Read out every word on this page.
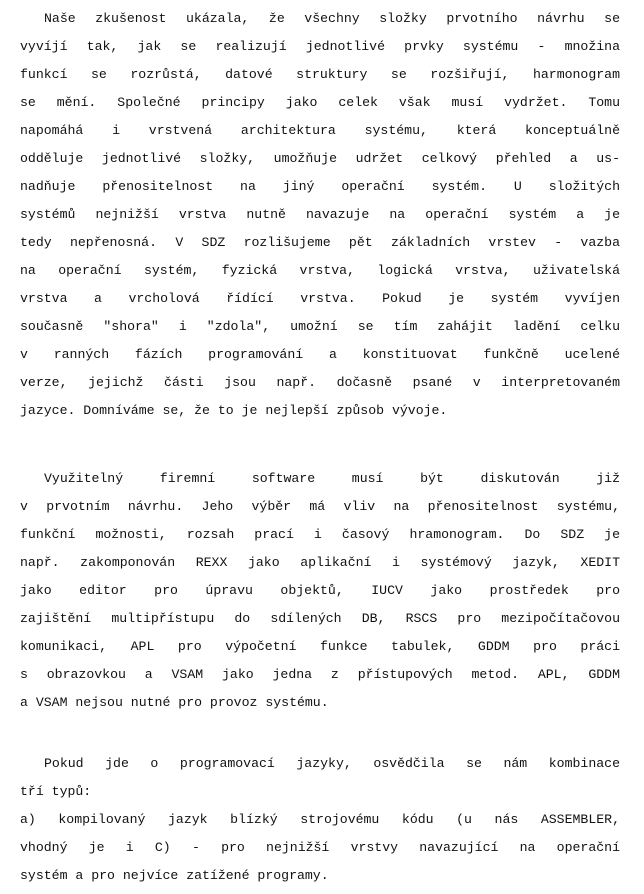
Naše zkušenost ukázala, že všechny složky prvotního návrhu se
vyvíjí tak, jak se realizují jednotlivé prvky systému - množina
funkcí se rozrůstá, datové struktury se rozšiřují, harmonogram
se mění. Společné principy jako celek však musí vydržet. Tomu
napomáhá i vrstvená architektura systému, která konceptuálně
odděluje jednotlivé složky, umožňuje udržet celkový přehled a us-
nadňuje přenositelnost na jiný operační systém. U složitých
systémů nejnižší vrstva nutně navazuje na operační systém a je
tedy nepřenosná. V SDZ rozlišujeme pět základních vrstev - vazba
na operační systém, fyzická vrstva, logická vrstva, uživatelská
vrstva a vrcholová řídící vrstva. Pokud je systém vyvíjen
současně "shora" i "zdola", umožní se tím zahájit ladění celku
v ranných fázích programování a konstituovat funkčně ucelené
verze, jejichž části jsou např. dočasně psané v interpretovaném
jazyce. Domníváme se, že to je nejlepší způsob vývoje.
Využitelný firemní software musí být diskutován již
v prvotním návrhu. Jeho výběr má vliv na přenositelnost systému,
funkční možnosti, rozsah prací i časový hramonogram. Do SDZ je
např. zakomponován REXX jako aplikační i systémový jazyk, XEDIT
jako editor pro úpravu objektů, IUCV jako prostředek pro
zajištění multipřístupu do sdílených DB, RSCS pro mezipočítačovou
komunikaci, APL pro výpočetní funkce tabulek, GDDM pro práci
s obrazovkou a VSAM jako jedna z přístupových metod. APL, GDDM
a VSAM nejsou nutné pro provoz systému.
Pokud jde o programovací jazyky, osvědčila se nám kombinace
tří typů:
a) kompilovaný jazyk blízký strojovému kódu (u nás ASSEMBLER,
vhodný je i C) - pro nejnižší vrstvy navazující na operační
systém a pro nejvíce zatížené programy.
